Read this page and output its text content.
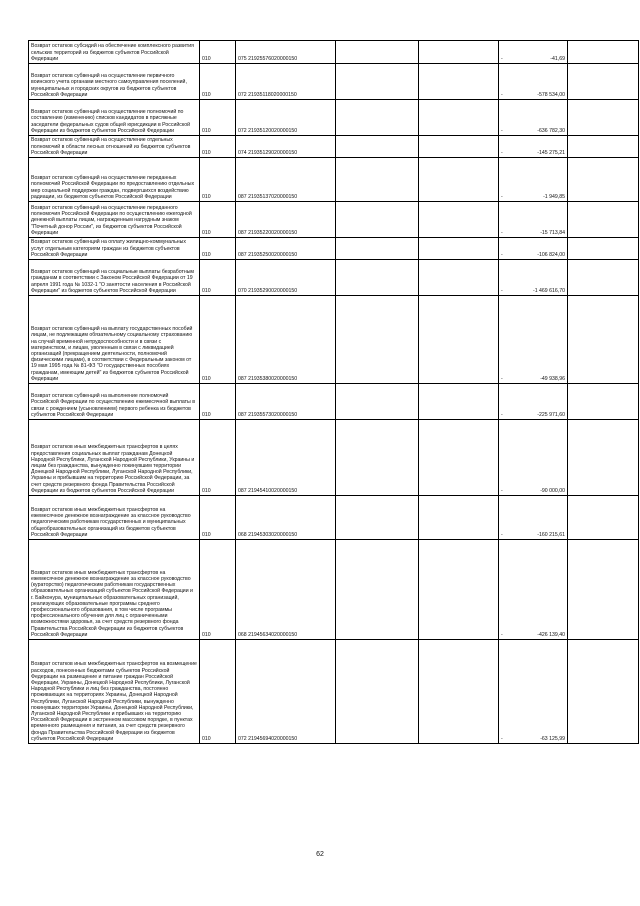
Возврат остатков субсидий на обеспечение комплексного развития сельских территорий из бюджетов субъектов Российской Федерации	010	075 21925576020000150			- -41,69	
Возврат остатков субвенций на осуществление первичного воинского учета органами местного самоуправления поселений, муниципальных и городских округов из бюджетов субъектов Российской Федерации	010	072 21935118020000150			- -578 534,00	
Возврат остатков субвенций на осуществление полномочий по составлению (изменению) списков кандидатов в присяжные заседатели федеральных судов общей юрисдикции в Российской Федерации из бюджетов субъектов Российской Федерации	010	072 21935120020000150			- -636 782,30	
Возврат остатков субвенций на осуществление отдельных полномочий в области лесных отношений из бюджетов субъектов Российской Федерации	010	074 21935129020000150			- -145 275,21	
Возврат остатков субвенций на осуществление переданных полномочий Российской Федерации по предоставлению отдельных мер социальной поддержки граждан, подвергшихся воздействию радиации, из бюджетов субъектов Российской Федерации	010	087 21935137020000150			- -1 949,85	
Возврат остатков субвенций на осуществление переданного полномочия Российской Федерации по осуществлению ежегодной денежной выплаты лицам, награжденным нагрудным знаком "Почетный донор России", из бюджетов субъектов Российской Федерации	010	087 21935220020000150			- -15 713,84	
Возврат остатков субвенций на оплату жилищно-коммунальных услуг отдельным категориям граждан из бюджетов субъектов Российской Федерации	010	087 21935250020000150			- -106 824,00	
Возврат остатков субвенций на социальные выплаты безработным гражданам в соответствии с Законом Российской Федерации от 19 апреля 1991 года № 1032-1 "О занятости населения в Российской Федерации" из бюджетов субъектов Российской Федерации	010	070 21935290020000150			- -1 469 616,70	
Возврат остатков субвенций на выплату государственных пособий лицам, не подлежащим обязательному социальному страхованию на случай временной нетрудоспособности и в связи с материнством, и лицам, уволенным в связи с ликвидацией организаций (прекращением деятельности, полномочий физическими лицами), в соответствии с Федеральным законом от 19 мая 1995 года № 81-ФЗ "О государственных пособиях гражданам, имеющим детей" из бюджетов субъектов Российской Федерации	010	087 21935380020000150			- -49 938,96	
Возврат остатков субвенций на выполнение полномочий Российской Федерации по осуществлению ежемесячной выплаты в связи с рождением (усыновлением) первого ребенка из бюджетов субъектов Российской Федерации	010	087 21935573020000150			- -225 971,60	
Возврат остатков иных межбюджетных трансфертов в целях предоставления социальных выплат гражданам Донецкой Народной Республики, Луганской Народной Республики, Украины и лицам без гражданства, вынужденно покинувшим территории Донецкой Народной Республики, Луганской Народной Республики, Украины и прибывшим на территорию Российской Федерации, за счет средств резервного фонда Правительства Российской Федерации из бюджетов субъектов Российской Федерации	010	087 21945410020000150			- -90 000,00	
Возврат остатков иных межбюджетных трансфертов на ежемесячное денежное вознаграждение за классное руководство педагогическим работникам государственных и муниципальных общеобразовательных организаций из бюджетов субъектов Российской Федерации	010	068 21945303020000150			- -160 215,61	
Возврат остатков иных межбюджетных трансфертов на ежемесячное денежное вознаграждение за классное руководство (кураторство) педагогическим работникам государственных образовательных организаций субъектов Российской Федерации и г. Байконура, муниципальных образовательных организаций, реализующих образовательные программы среднего профессионального образования, в том числе программы профессионального обучения для лиц с ограниченными возможностями здоровья, за счет средств резервного фонда Правительства Российской Федерации из бюджетов субъектов Российской Федерации	010	068 21945634020000150			- -426 139,40	
Возврат остатков иных межбюджетных трансфертов на возмещение расходов, понесенных бюджетами субъектов Российской Федерации на размещение и питание граждан Российской Федерации, Украины, Донецкой Народной Республики, Луганской Народной Республики и лиц без гражданства, постоянно проживающих на территориях Украины, Донецкой Народной Республики, Луганской Народной Республики, вынужденно покинувших территории Украины, Донецкой Народной Республики, Луганской Народной Республики и прибывших на территорию Российской Федерации в экстренном массовом порядке, в пунктах временного размещения и питания, за счет средств резервного фонда Правительства Российской Федерации из бюджетов субъектов Российской Федерации	010	072 21945694020000150			- -63 125,99	
62
